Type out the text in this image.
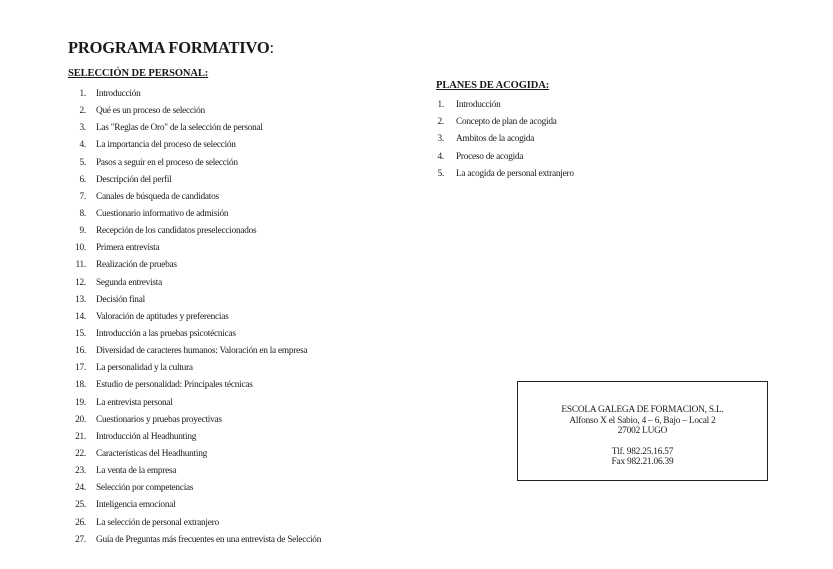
PROGRAMA FORMATIVO:
SELECCIÓN DE PERSONAL:
1. Introducción
2. Qué es un proceso de selección
3. Las "Reglas de Oro" de la selección de personal
4. La importancia del proceso de selección
5. Pasos a seguir en el proceso de selección
6. Descripción del perfil
7. Canales de búsqueda de candidatos
8. Cuestionario informativo de admisión
9. Recepción de los candidatos preseleccionados
10. Primera entrevista
11. Realización de pruebas
12. Segunda entrevista
13. Decisión final
14. Valoración de aptitudes y preferencias
15. Introducción a las pruebas psicotécnicas
16. Diversidad de caracteres humanos: Valoración en la empresa
17. La personalidad y la cultura
18. Estudio de personalidad: Principales técnicas
19. La entrevista personal
20. Cuestionarios y pruebas proyectivas
21. Introducción al Headhunting
22. Características del Headhunting
23. La venta de la empresa
24. Selección por competencias
25. Inteligencia emocional
26. La selección de personal extranjero
27. Guía de Preguntas más frecuentes en una entrevista de Selección
PLANES DE ACOGIDA:
1. Introducción
2. Concepto de plan de acogida
3. Ambitos de la acogida
4. Proceso de acogida
5. La acogida de personal extranjero
ESCOLA GALEGA DE FORMACION, S.L.
Alfonso X el Sabio, 4 – 6, Bajo – Local 2
27002 LUGO
Tlf. 982.25.16.57
Fax 982.21.06.39
